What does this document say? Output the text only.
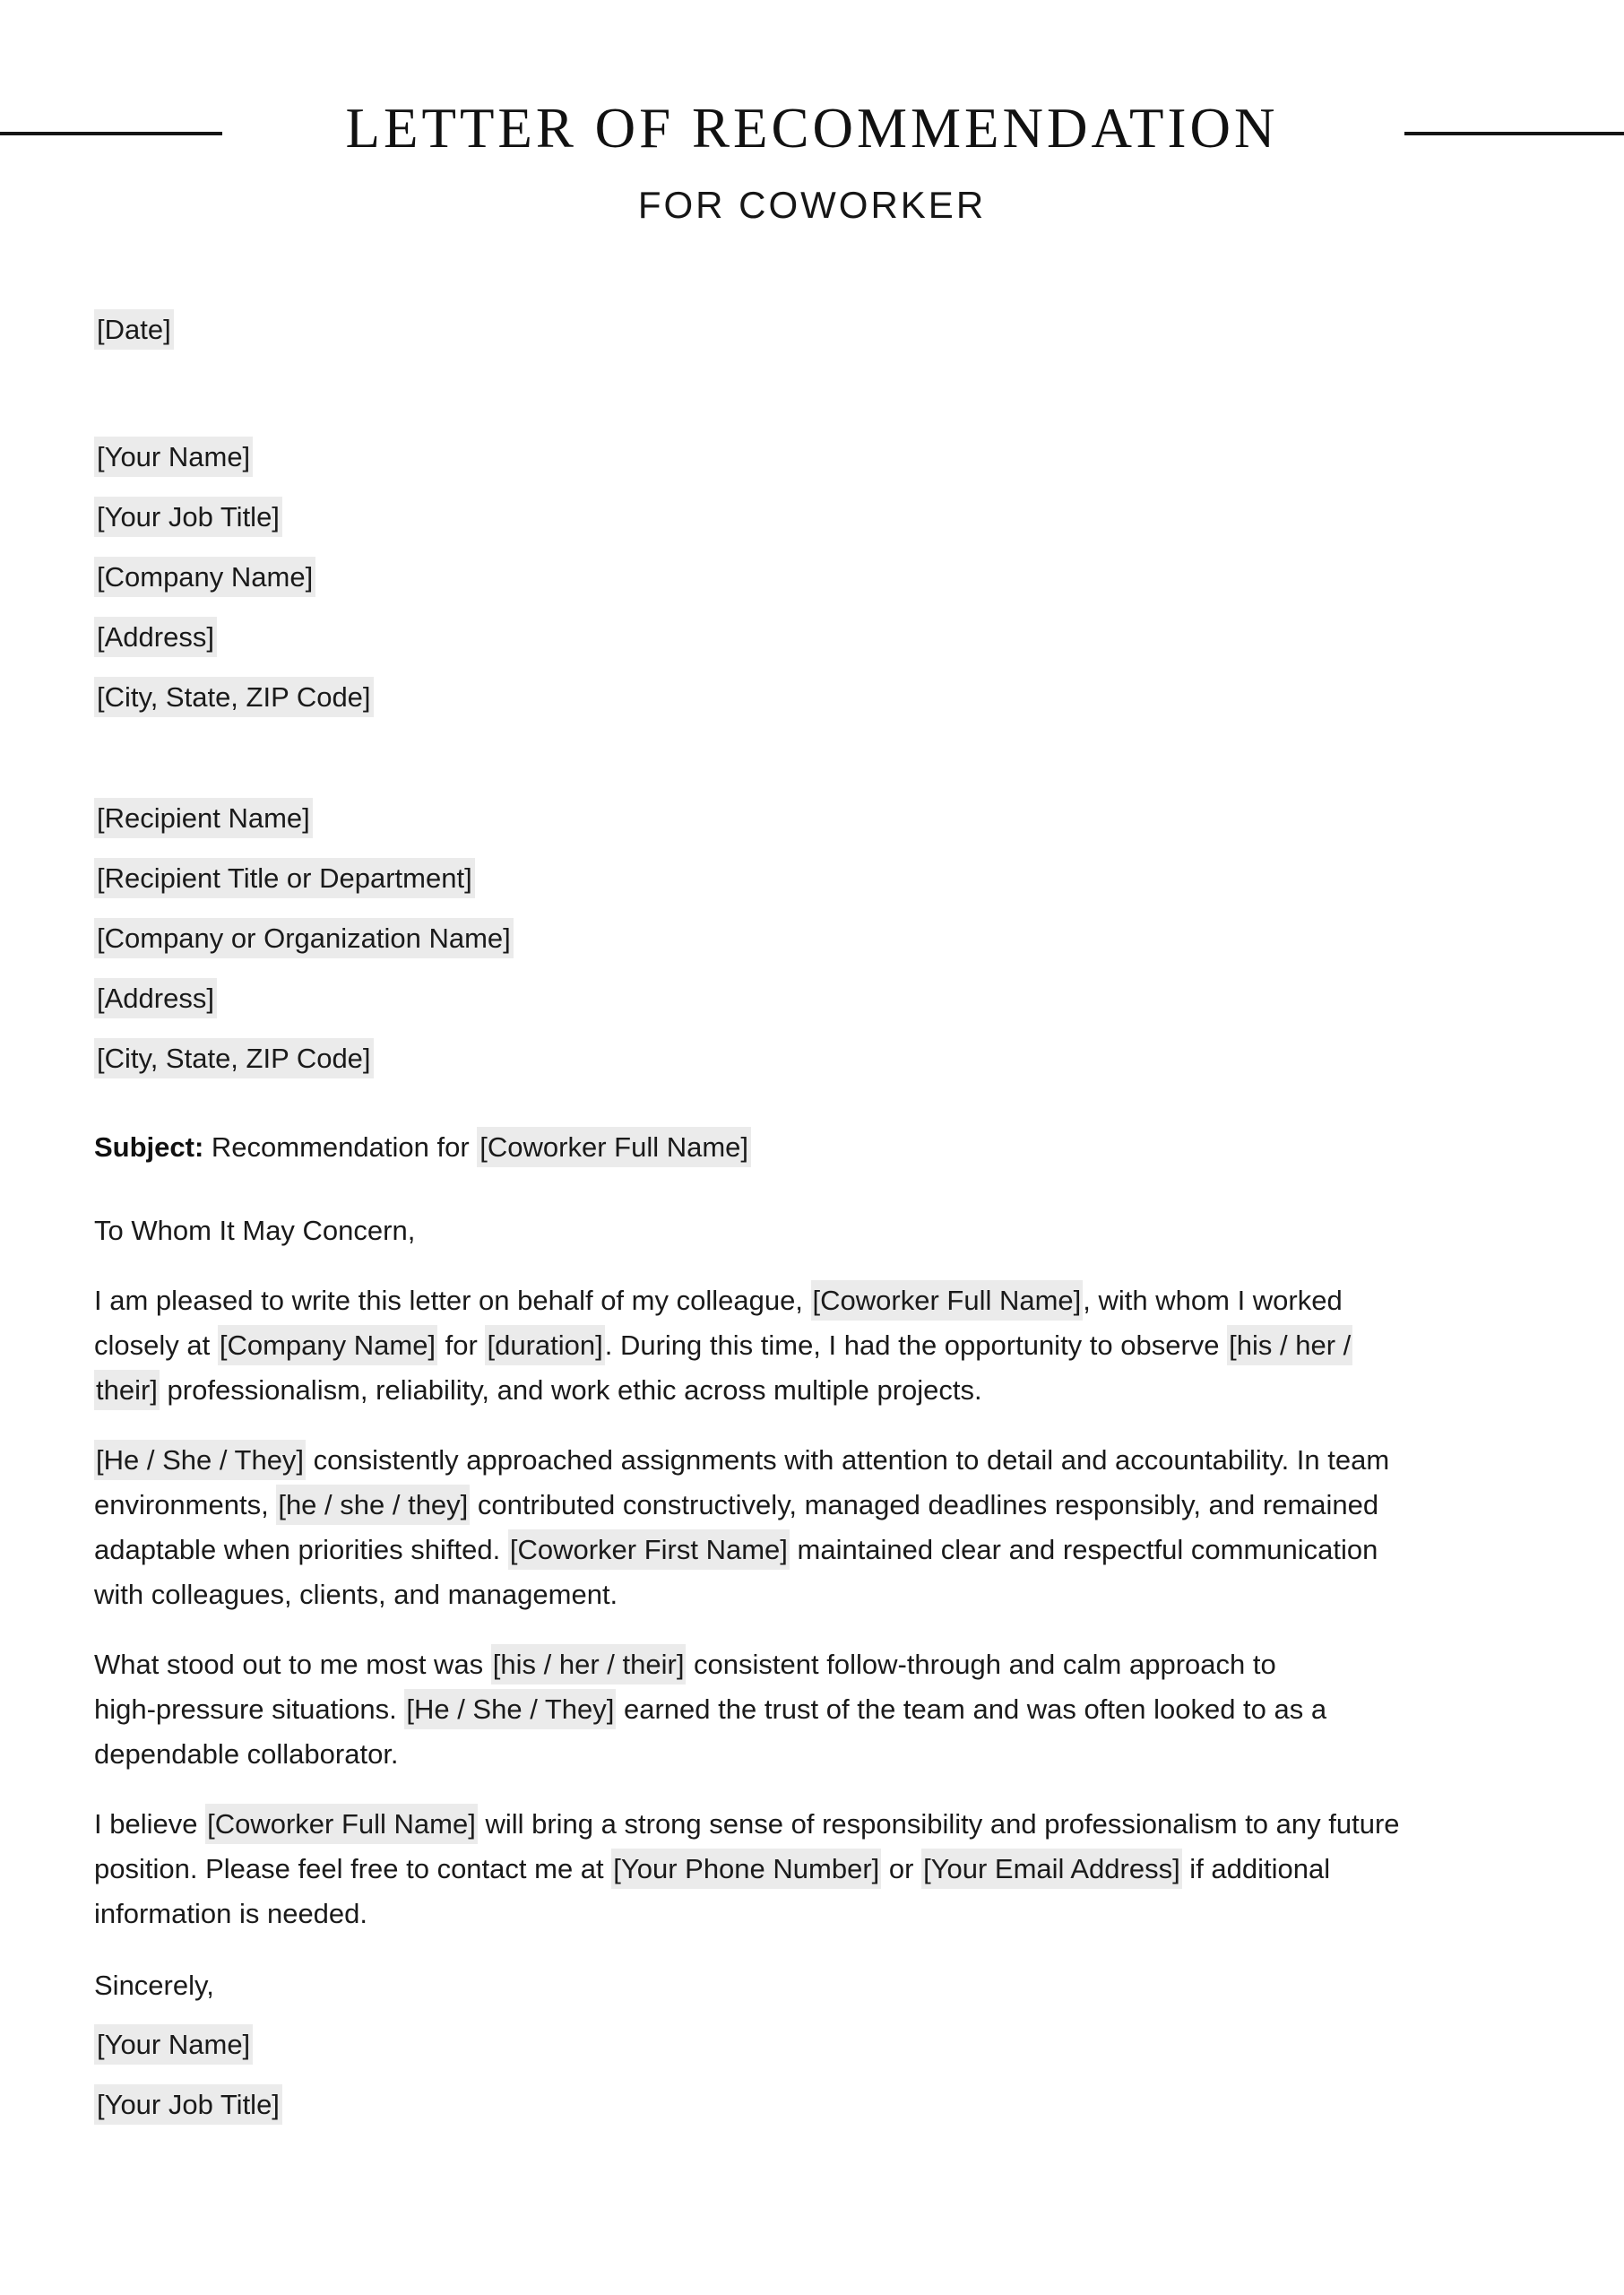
LETTER OF RECOMMENDATION
FOR COWORKER
[Date]
[Your Name]
[Your Job Title]
[Company Name]
[Address]
[City, State, ZIP Code]
[Recipient Name]
[Recipient Title or Department]
[Company or Organization Name]
[Address]
[City, State, ZIP Code]
Subject: Recommendation for [Coworker Full Name]
To Whom It May Concern,
I am pleased to write this letter on behalf of my colleague, [Coworker Full Name], with whom I worked
closely at [Company Name] for [duration]. During this time, I had the opportunity to observe [his / her /
their] professionalism, reliability, and work ethic across multiple projects.
[He / She / They] consistently approached assignments with attention to detail and accountability. In team
environments, [he / she / they] contributed constructively, managed deadlines responsibly, and remained
adaptable when priorities shifted. [Coworker First Name] maintained clear and respectful communication
with colleagues, clients, and management.
What stood out to me most was [his / her / their] consistent follow-through and calm approach to
high-pressure situations. [He / She / They] earned the trust of the team and was often looked to as a
dependable collaborator.
I believe [Coworker Full Name] will bring a strong sense of responsibility and professionalism to any future
position. Please feel free to contact me at [Your Phone Number] or [Your Email Address] if additional
information is needed.
Sincerely,
[Your Name]
[Your Job Title]
